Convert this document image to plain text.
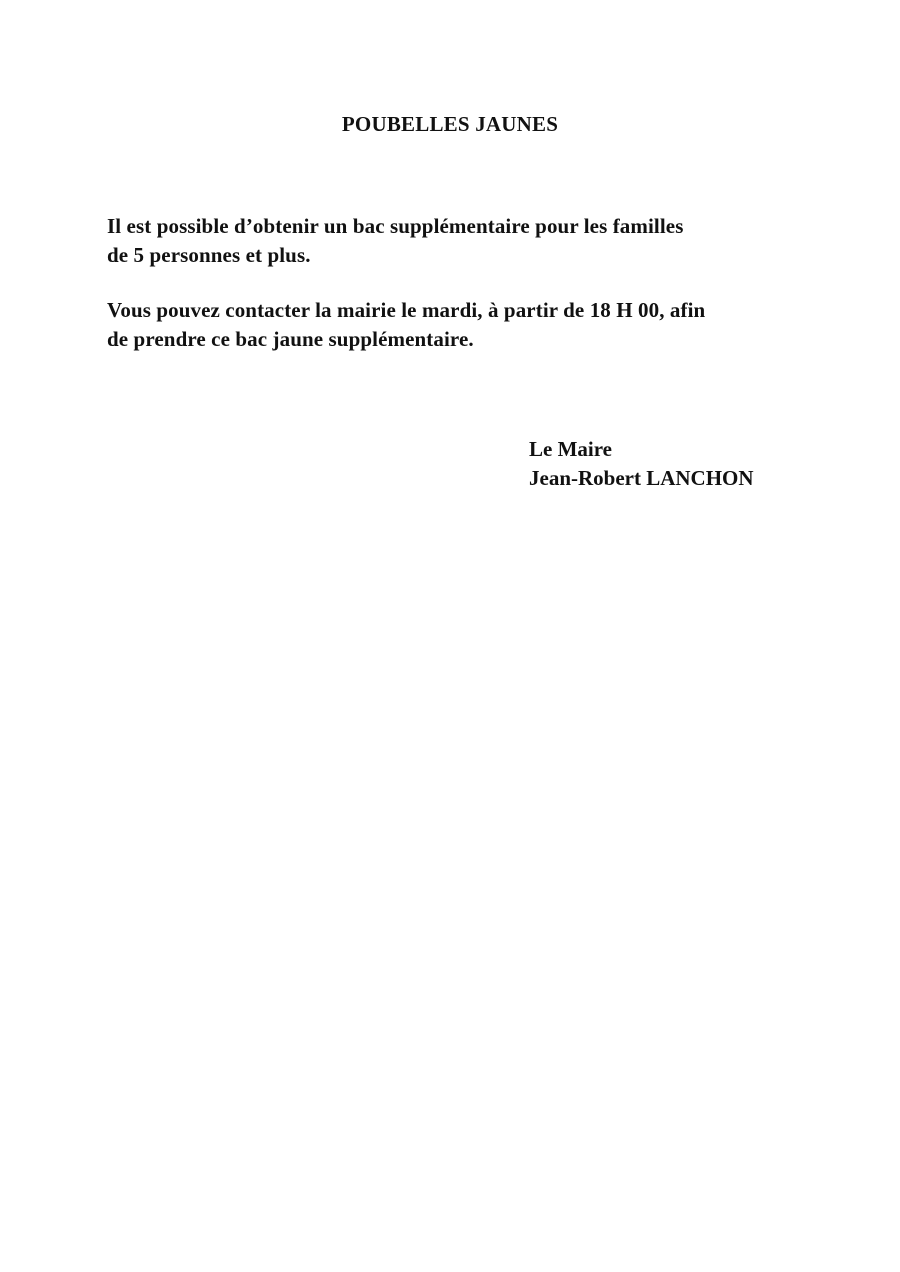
POUBELLES JAUNES
Il est possible d’obtenir un bac supplémentaire pour les familles
de 5 personnes et plus.
Vous pouvez contacter la mairie le mardi, à partir de 18 H 00, afin
de prendre ce bac jaune supplémentaire.
Le Maire
Jean-Robert LANCHON
